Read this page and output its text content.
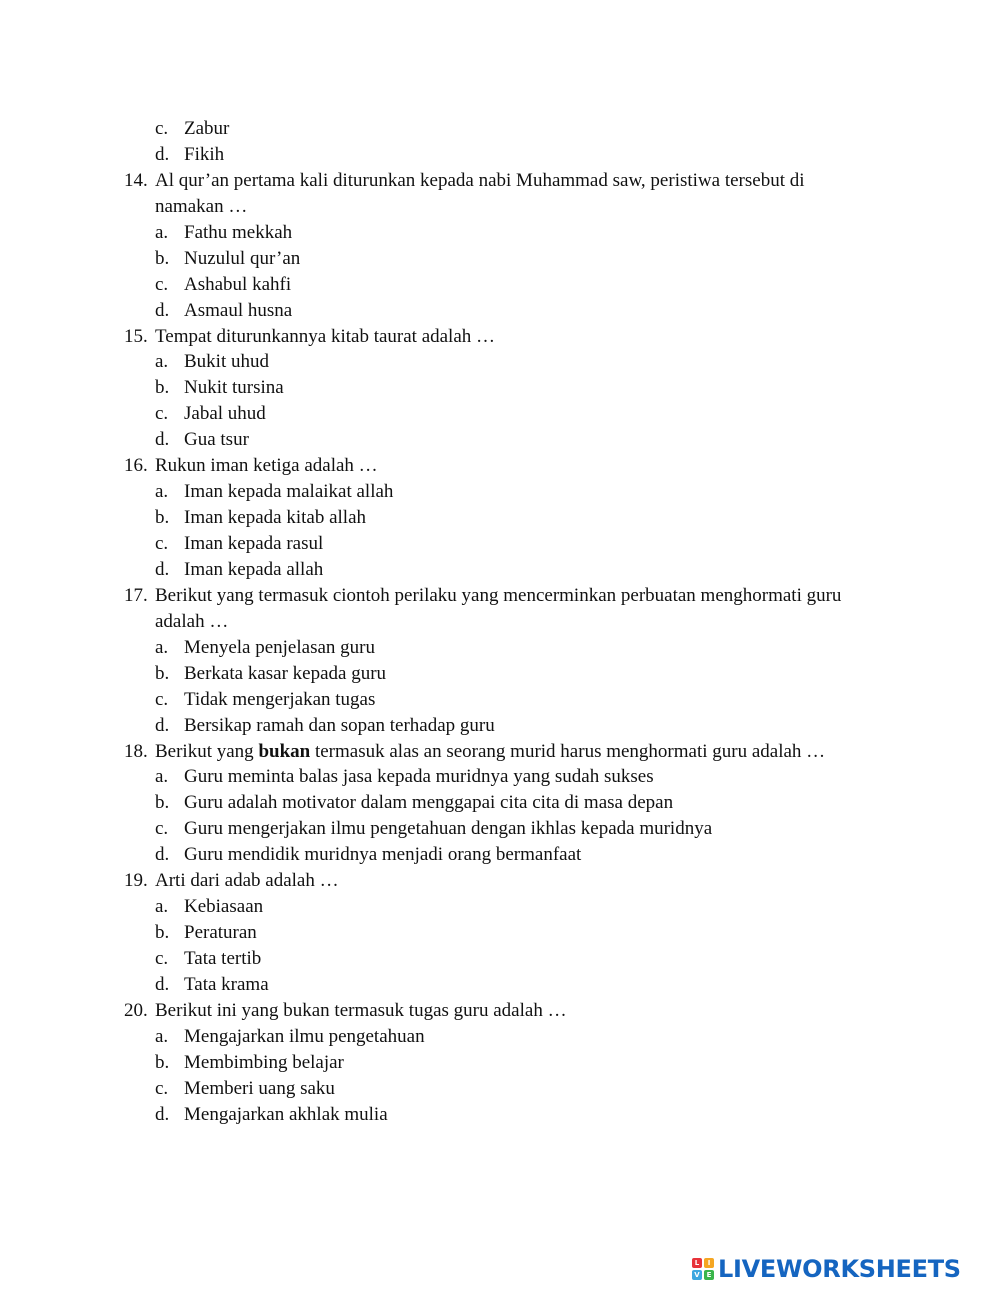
c. Zabur
d. Fikih
14. Al qur’an pertama kali diturunkan kepada nabi Muhammad saw, peristiwa tersebut di
namakan …
a. Fathu mekkah
b. Nuzulul qur’an
c. Ashabul kahfi
d. Asmaul husna
15. Tempat diturunkannya kitab taurat adalah …
a. Bukit uhud
b. Nukit tursina
c. Jabal uhud
d. Gua tsur
16. Rukun iman ketiga adalah …
a. Iman kepada malaikat allah
b. Iman kepada kitab allah
c. Iman kepada rasul
d. Iman kepada allah
17. Berikut yang termasuk ciontoh perilaku yang mencerminkan perbuatan menghormati guru
adalah …
a. Menyela penjelasan guru
b. Berkata kasar kepada guru
c. Tidak mengerjakan tugas
d. Bersikap ramah dan sopan terhadap guru
18. Berikut yang bukan termasuk alas an seorang murid harus menghormati guru adalah …
a. Guru meminta balas jasa kepada muridnya yang sudah sukses
b. Guru adalah motivator dalam menggapai cita cita di masa depan
c. Guru mengerjakan ilmu pengetahuan dengan ikhlas kepada muridnya
d. Guru mendidik muridnya menjadi orang bermanfaat
19. Arti dari adab adalah …
a. Kebiasaan
b. Peraturan
c. Tata tertib
d. Tata krama
20. Berikut ini yang bukan termasuk tugas guru adalah …
a. Mengajarkan ilmu pengetahuan
b. Membimbing belajar
c. Memberi uang saku
d. Mengajarkan akhlak mulia
L	I
V E LIVEWORKSHEETS
